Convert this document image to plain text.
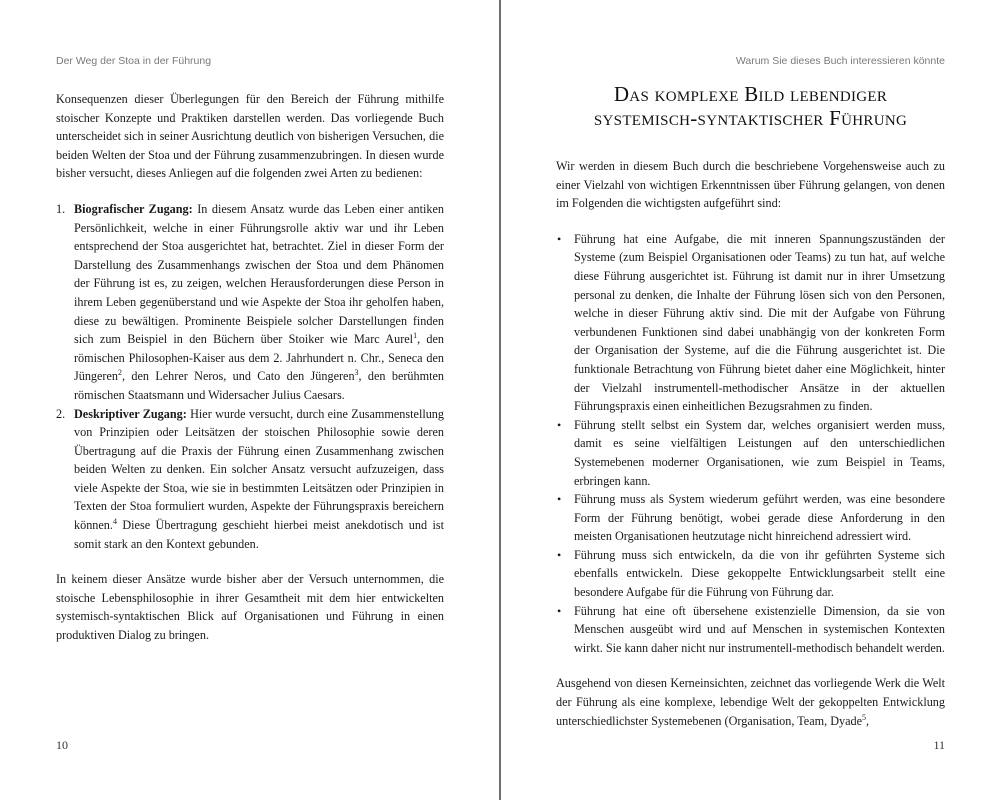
Der Weg der Stoa in der Führung

Konsequenzen dieser Überlegungen für den Bereich der Führung mithilfe stoischer Konzepte und Praktiken darstellen werden. Das vorliegende Buch unterscheidet sich in seiner Ausrichtung deutlich von bisherigen Versuchen, die beiden Welten der Stoa und der Führung zusammenzubringen. In diesen wurde bisher versucht, dieses Anliegen auf die folgenden zwei Arten zu bedienen:

1. Biografischer Zugang: In diesem Ansatz wurde das Leben einer antiken Persönlichkeit, welche in einer Führungsrolle aktiv war und ihr Leben entsprechend der Stoa ausgerichtet hat, betrachtet. Ziel in dieser Form der Darstellung des Zusammenhangs zwischen der Stoa und dem Phänomen der Führung ist es, zu zeigen, welchen Herausforderungen diese Person in ihrem Leben gegenüberstand und wie Aspekte der Stoa ihr geholfen haben, diese zu bewältigen. Prominente Beispiele solcher Darstellungen finden sich zum Beispiel in den Büchern über Stoiker wie Marc Aurel$^1$, den römischen Philosophen-Kaiser aus dem 2. Jahrhundert n. Chr., Seneca den Jüngeren$^2$, den Lehrer Neros, und Cato den Jüngeren$^3$, den berühmten römischen Staatsmann und Widersacher Julius Caesars.

2. Deskriptiver Zugang: Hier wurde versucht, durch eine Zusammenstellung von Prinzipien oder Leitsätzen der stoischen Philosophie sowie deren Übertragung auf die Praxis der Führung einen Zusammenhang zwischen beiden Welten zu denken. Ein solcher Ansatz versucht aufzuzeigen, dass viele Aspekte der Stoa, wie sie in bestimmten Leitsätzen oder Prinzipien in Texten der Stoa formuliert wurden, Aspekte der Führungspraxis bereichern können.$^4$ Diese Übertragung geschieht hierbei meist anekdotisch und ist somit stark an den Kontext gebunden.

In keinem dieser Ansätze wurde bisher aber der Versuch unternommen, die stoische Lebensphilosophie in ihrer Gesamtheit mit dem hier entwickelten systemisch-syntaktischen Blick auf Organisationen und Führung in einen produktiven Dialog zu bringen.

10
Warum Sie dieses Buch interessieren könnte
Das komplexe Bild lebendiger
systemisch-syntaktischer Führung

Wir werden in diesem Buch durch die beschriebene Vorgehensweise auch zu einer Vielzahl von wichtigen Erkenntnissen über Führung gelangen, von denen im Folgenden die wichtigsten aufgeführt sind:

• Führung hat eine Aufgabe, die mit inneren Spannungszuständen der Systeme (zum Beispiel Organisationen oder Teams) zu tun hat, auf welche diese Führung ausgerichtet ist. Führung ist damit nur in ihrer Umsetzung personal zu denken, die Inhalte der Führung lösen sich von den Personen, welche in dieser Führung aktiv sind. Die mit der Aufgabe von Führung verbundenen Funktionen sind dabei unabhängig von der konkreten Form der Organisation der Systeme, auf die die Führung ausgerichtet ist. Die funktionale Betrachtung von Führung bietet daher eine Möglichkeit, hinter der Vielzahl instrumentell-methodischer Ansätze in der aktuellen Führungspraxis einen einheitlichen Bezugsrahmen zu finden.

• Führung stellt selbst ein System dar, welches organisiert werden muss, damit es seine vielfältigen Leistungen auf den unterschiedlichen Systemebenen moderner Organisationen, wie zum Beispiel in Teams, erbringen kann.

• Führung muss als System wiederum geführt werden, was eine besondere Form der Führung benötigt, wobei gerade diese Anforderung in den meisten Organisationen heutzutage nicht hinreichend adressiert wird.

• Führung muss sich entwickeln, da die von ihr geführten Systeme sich ebenfalls entwickeln. Diese gekoppelte Entwicklungsarbeit stellt eine besondere Aufgabe für die Führung von Führung dar.

• Führung hat eine oft übersehene existenzielle Dimension, da sie von Menschen ausgeübt wird und auf Menschen in systemischen Kontexten wirkt. Sie kann daher nicht nur instrumentell-methodisch behandelt werden.

Ausgehend von diesen Kerneinsichten, zeichnet das vorliegende Werk die Welt der Führung als eine komplexe, lebendige Welt der gekoppelten Entwicklung unterschiedlichster Systemebenen (Organisation, Team, Dyade$^5$,

11
